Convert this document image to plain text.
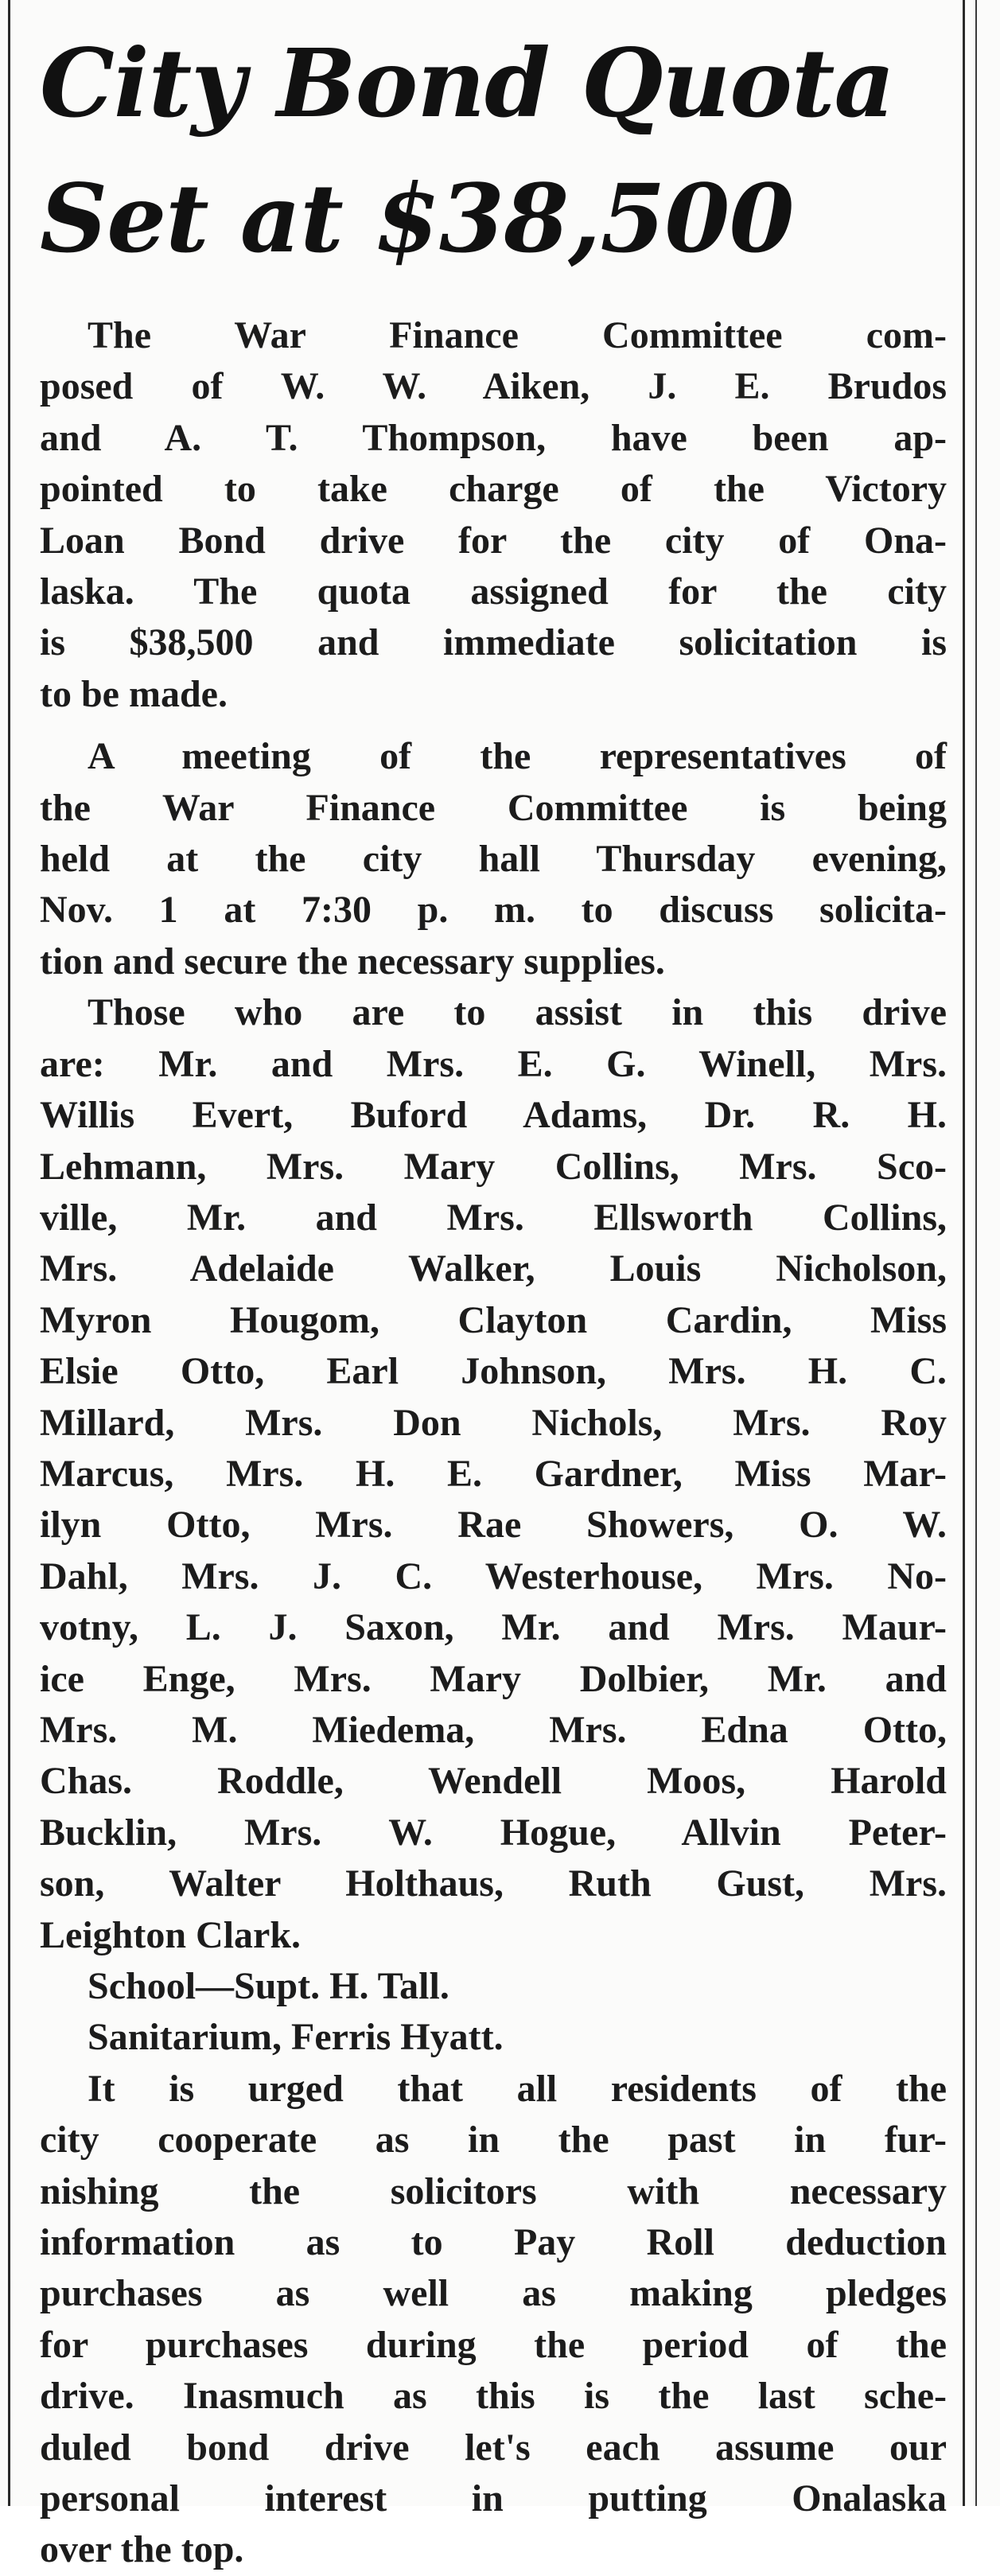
City Bond Quota
Set at $38,500
The War Finance Committee com-
posed of W. W. Aiken, J. E. Brudos
and A. T. Thompson, have been ap-
pointed to take charge of the Victory
Loan Bond drive for the city of Ona-
laska. The quota assigned for the city
is $38,500 and immediate solicitation is
to be made.
A meeting of the representatives of
the War Finance Committee is being
held at the city hall Thursday evening,
Nov. 1 at 7:30 p. m. to discuss solicita-
tion and secure the necessary supplies.
Those who are to assist in this drive
are: Mr. and Mrs. E. G. Winell, Mrs.
Willis Evert, Buford Adams, Dr. R. H.
Lehmann, Mrs. Mary Collins, Mrs. Sco-
ville, Mr. and Mrs. Ellsworth Collins,
Mrs. Adelaide Walker, Louis Nicholson,
Myron Hougom, Clayton Cardin, Miss
Elsie Otto, Earl Johnson, Mrs. H. C.
Millard, Mrs. Don Nichols, Mrs. Roy
Marcus, Mrs. H. E. Gardner, Miss Mar-
ilyn Otto, Mrs. Rae Showers, O. W.
Dahl, Mrs. J. C. Westerhouse, Mrs. No-
votny, L. J. Saxon, Mr. and Mrs. Maur-
ice Enge, Mrs. Mary Dolbier, Mr. and
Mrs. M. Miedema, Mrs. Edna Otto,
Chas. Roddle, Wendell Moos, Harold
Bucklin, Mrs. W. Hogue, Allvin Peter-
son, Walter Holthaus, Ruth Gust, Mrs.
Leighton Clark.
School—Supt. H. Tall.
Sanitarium, Ferris Hyatt.
It is urged that all residents of the
city cooperate as in the past in fur-
nishing the solicitors with necessary
information as to Pay Roll deduction
purchases as well as making pledges
for purchases during the period of the
drive. Inasmuch as this is the last sche-
duled bond drive let's each assume our
personal interest in putting Onalaska
over the top.
